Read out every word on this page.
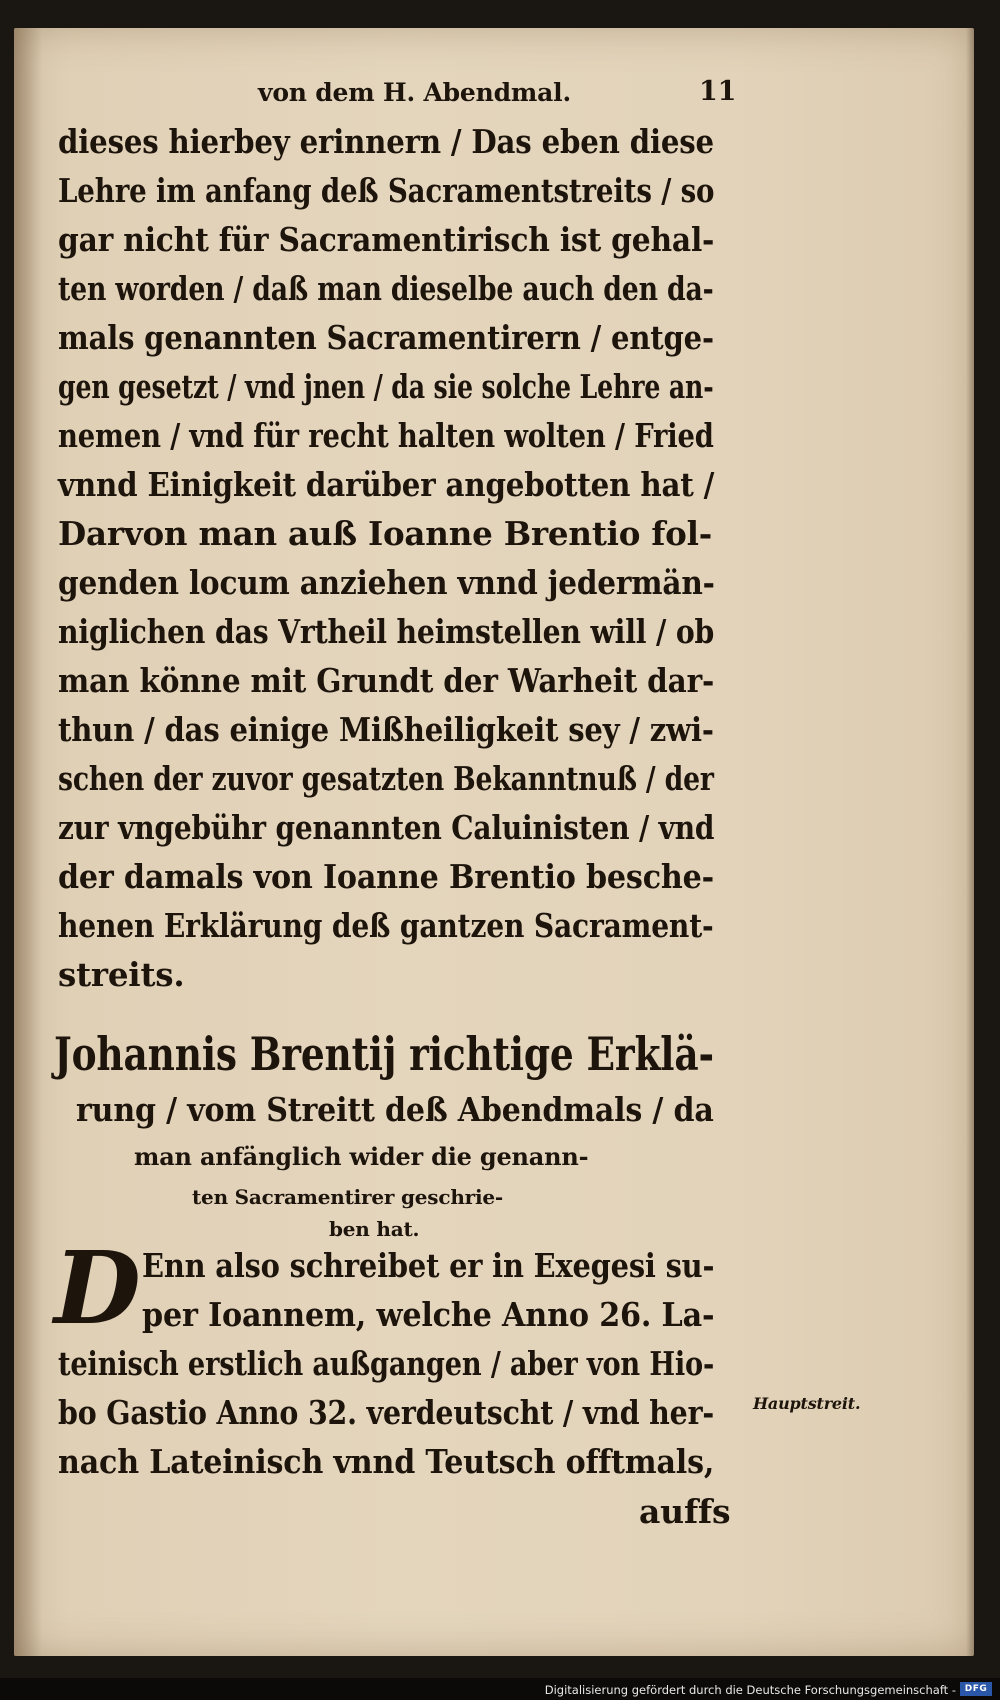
von dem H. Abendmal.	11
dieses hierbey erinnern / Das eben diese
Lehre im anfang deß Sacramentstreits / so
gar nicht für Sacramentirisch ist gehal-
ten worden / daß man dieselbe auch den da-
mals genannten Sacramentirern / entge-
gen gesetzt / vnd jnen / da sie solche Lehre an-
nemen / vnd für recht halten wolten / Fried
vnnd Einigkeit darüber angebotten hat /
Darvon man auß Ioanne Brentio fol-
genden locum anziehen vnnd jedermän-
niglichen das Vrtheil heimstellen will / ob
man könne mit Grundt der Warheit dar-
thun / das einige Mißheiligkeit sey / zwi-
schen der zuvor gesatzten Bekanntnuß / der
zur vngebühr genannten Caluinisten / vnd
der damals von Ioanne Brentio besche-
henen Erklärung deß gantzen Sacrament-
streits.
Johannis Brentij richtige Erklä-
rung / vom Streitt deß Abendmals / da
man anfänglich wider die genann-
ten Sacramentirer geschrie-
ben hat.
D Enn also schreibet er in Exegesi su-
per Ioannem, welche Anno 26. La-
teinisch erstlich außgangen / aber von Hio-
bo Gastio Anno 32. verdeutscht / vnd her-
nach Lateinisch vnnd Teutsch offtmals,
Hauptstreit.
auffs
Digitalisierung gefördert durch die Deutsche Forschungsgemeinschaft - DFG
